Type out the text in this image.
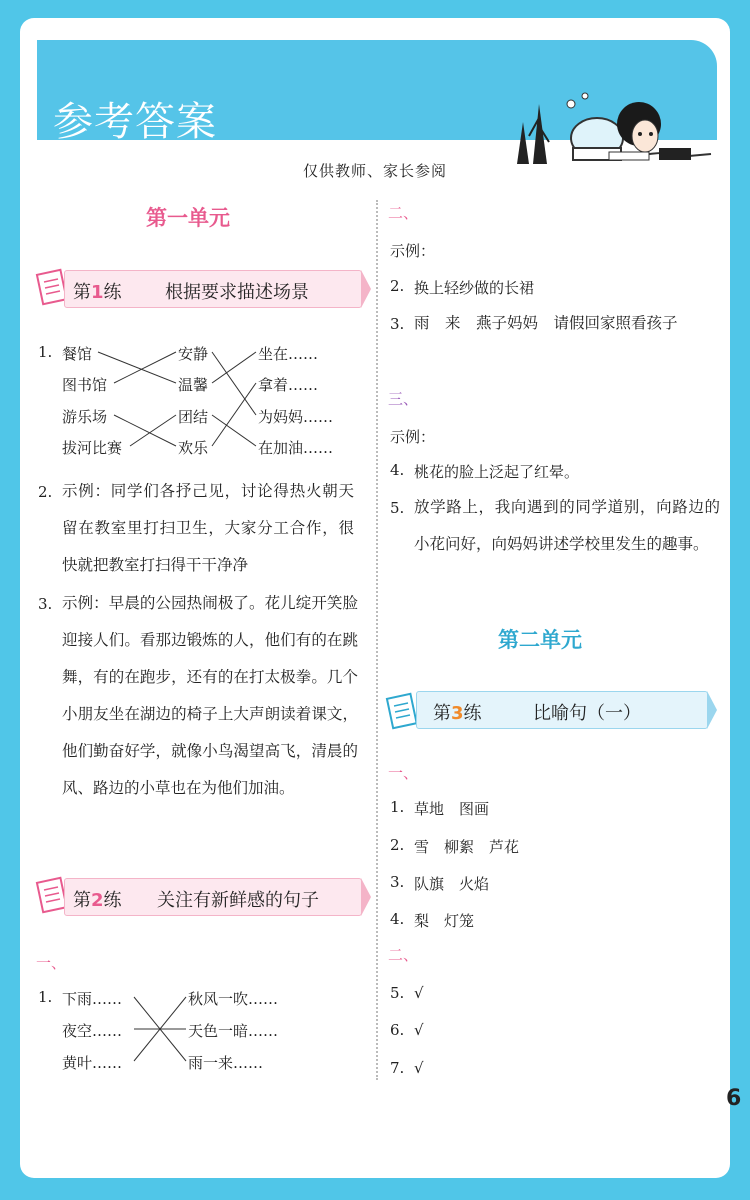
参考答案
仅供教师、家长参阅
第一单元
第1练 根据要求描述场景
1. 餐馆
图书馆
游乐场
拔河比赛
安静
温馨
团结
欢乐
坐在……
拿着……
为妈妈……
在加油……
2. 示例：同学们各抒己见，讨论得热火朝天　留在教室里打扫卫生，大家分工合作，很快就把教室打扫得干干净净
3. 示例：早晨的公园热闹极了。花儿绽开笑脸迎接人们。看那边锻炼的人，他们有的在跳舞，有的在跑步，还有的在打太极拳。几个小朋友坐在湖边的椅子上大声朗读着课文，他们勤奋好学，就像小鸟渴望高飞，清晨的风、路边的小草也在为他们加油。
第2练 关注有新鲜感的句子
一、
1. 下雨……
夜空……
黄叶……
秋风一吹……
天色一暗……
雨一来……
二、
示例：
2. 换上轻纱做的长裙
3. 雨　来　燕子妈妈　请假回家照看孩子
三、
示例：
4. 桃花的脸上泛起了红晕。
5. 放学路上，我向遇到的同学道别，向路边的小花问好，向妈妈讲述学校里发生的趣事。
第二单元
第3练	比喻句（一）
一、
1. 草地　图画
2. 雪　柳絮　芦花
3. 队旗　火焰
4. 梨　灯笼
二、
5. √
6. √
7. √
6
